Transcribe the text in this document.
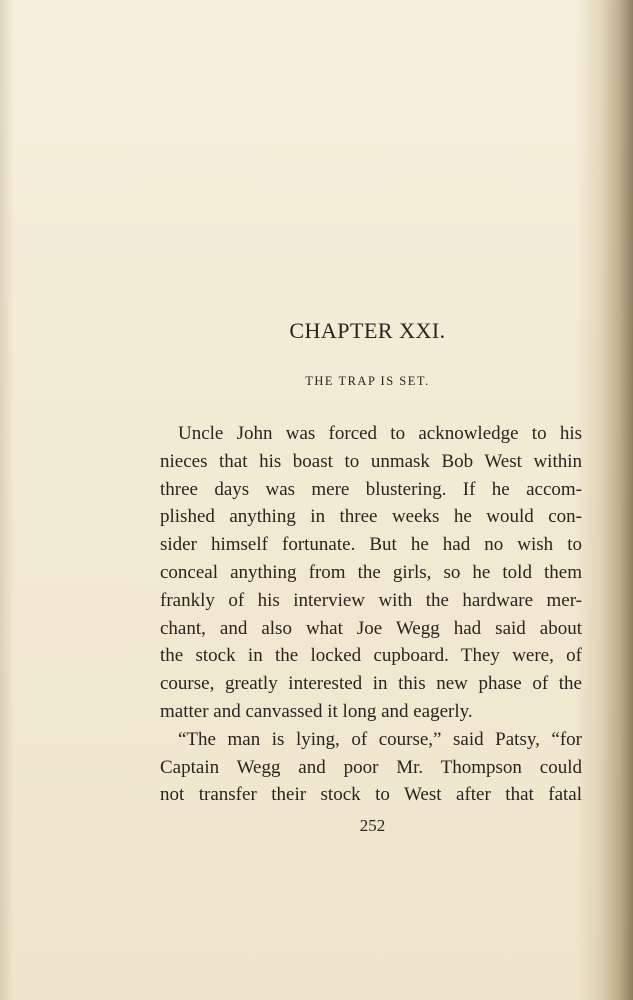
CHAPTER XXI.
THE TRAP IS SET.
Uncle John was forced to acknowledge to his
nieces that his boast to unmask Bob West within
three days was mere blustering. If he accom-
plished anything in three weeks he would con-
sider himself fortunate. But he had no wish to
conceal anything from the girls, so he told them
frankly of his interview with the hardware mer-
chant, and also what Joe Wegg had said about
the stock in the locked cupboard. They were, of
course, greatly interested in this new phase of the
matter and canvassed it long and eagerly.
“The man is lying, of course,” said Patsy, “for
Captain Wegg and poor Mr. Thompson could
not transfer their stock to West after that fatal
252
